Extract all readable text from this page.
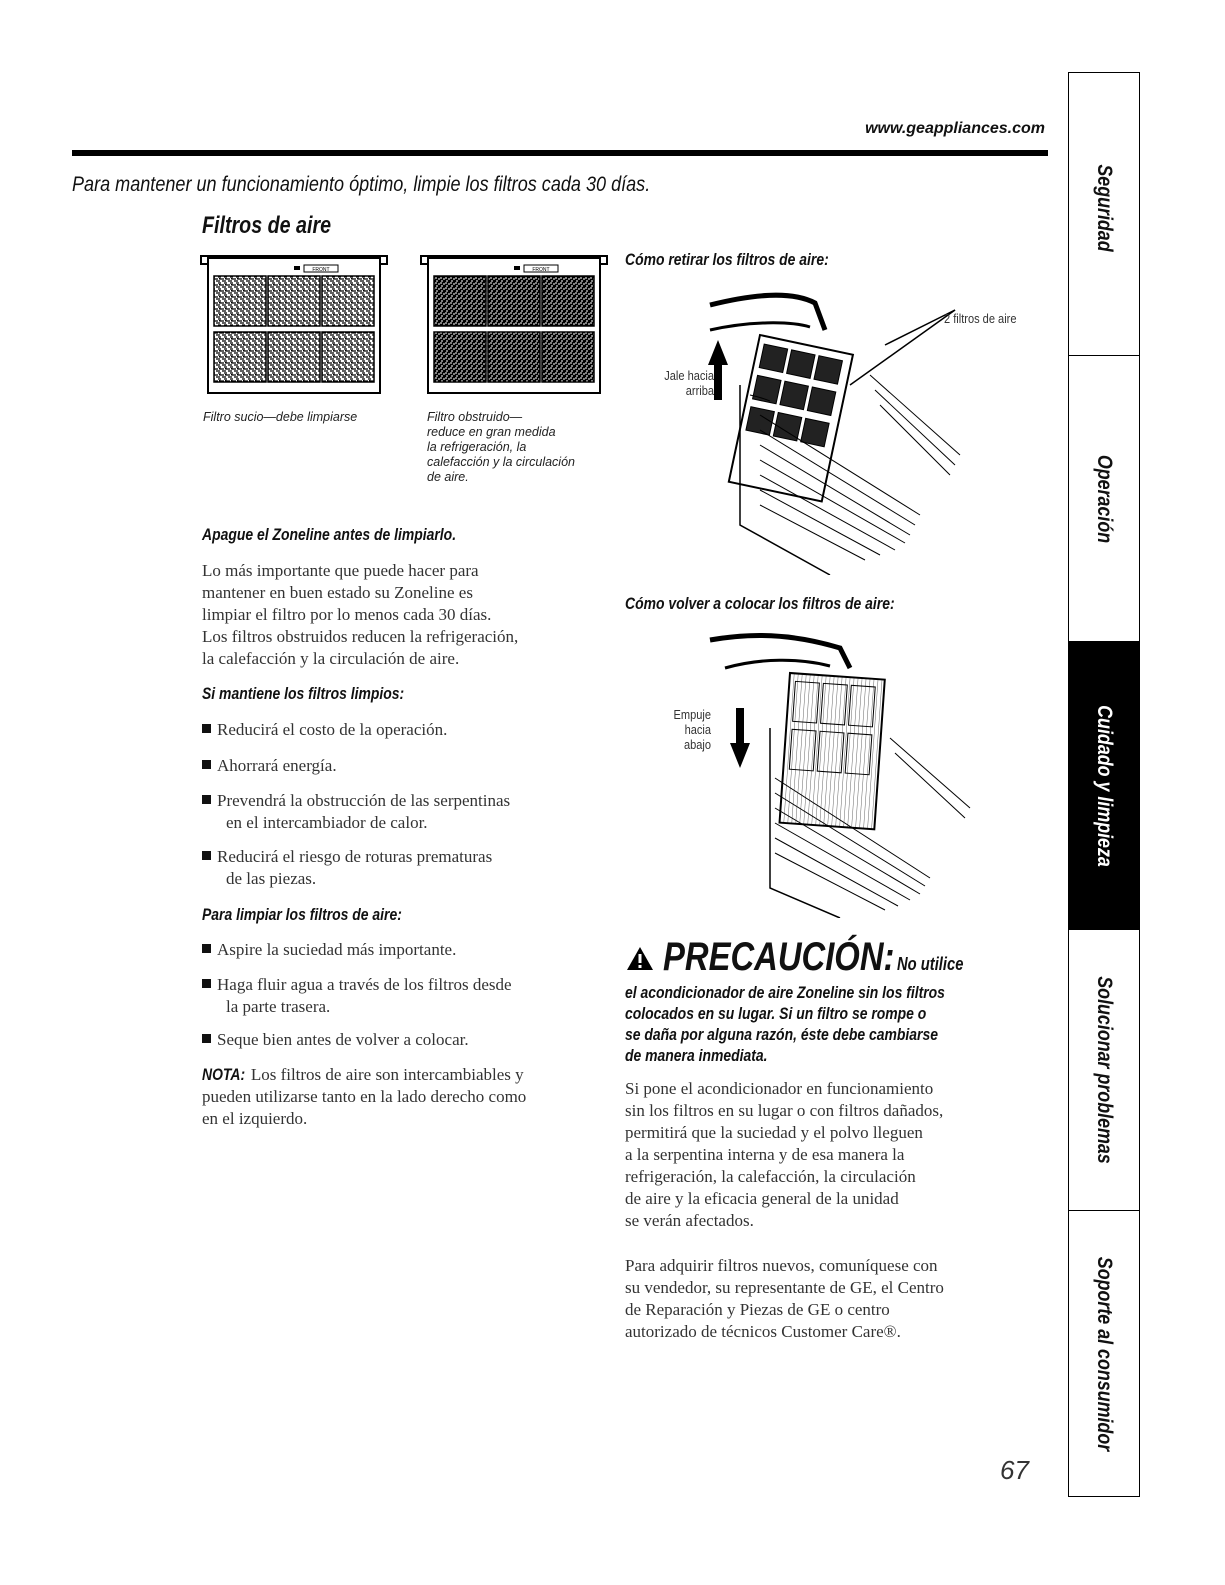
www.geappliances.com
Para mantener un funcionamiento óptimo, limpie los filtros cada 30 días.
Filtros de aire
FRONT	FRONT
Filtro sucio—debe limpiarse	Filtro obstruido—
reduce en gran medida
la refrigeración, la
calefacción y la circulación
de aire.
Apague el Zoneline antes de limpiarlo.
Lo más importante que puede hacer para
mantener en buen estado su Zoneline es
limpiar el filtro por lo menos cada 30 días.
Los filtros obstruidos reducen la refrigeración,
la calefacción y la circulación de aire.
Si mantiene los filtros limpios:
Reducirá el costo de la operación.
Ahorrará energía.
Prevendrá la obstrucción de las serpentinas
en el intercambiador de calor.
Reducirá el riesgo de roturas prematuras
de las piezas.
Para limpiar los filtros de aire:
Aspire la suciedad más importante.
Haga fluir agua a través de los filtros desde
la parte trasera.
Seque bien antes de volver a colocar.
NOTA: Los filtros de aire son intercambiables y
pueden utilizarse tanto en la lado derecho como
en el izquierdo.
Cómo retirar los filtros de aire:
2 filtros de aire
Jale hacia
arriba
Cómo volver a colocar los filtros de aire:
Empuje
hacia abajo
PRECAUCIÓN: No utilice
el acondicionador de aire Zoneline sin los filtros
colocados en su lugar. Si un filtro se rompe o
se daña por alguna razón, éste debe cambiarse
de manera inmediata.
Si pone el acondicionador en funcionamiento
sin los filtros en su lugar o con filtros dañados,
permitirá que la suciedad y el polvo lleguen
a la serpentina interna y de esa manera la
refrigeración, la calefacción, la circulación
de aire y la eficacia general de la unidad
se verán afectados.
Para adquirir filtros nuevos, comuníquese con
su vendedor, su representante de GE, el Centro
de Reparación y Piezas de GE o centro
autorizado de técnicos Customer Care®.
Seguridad
Operación
Cuidado y limpieza
Solucionar problemas
Soporte al consumidor
67
